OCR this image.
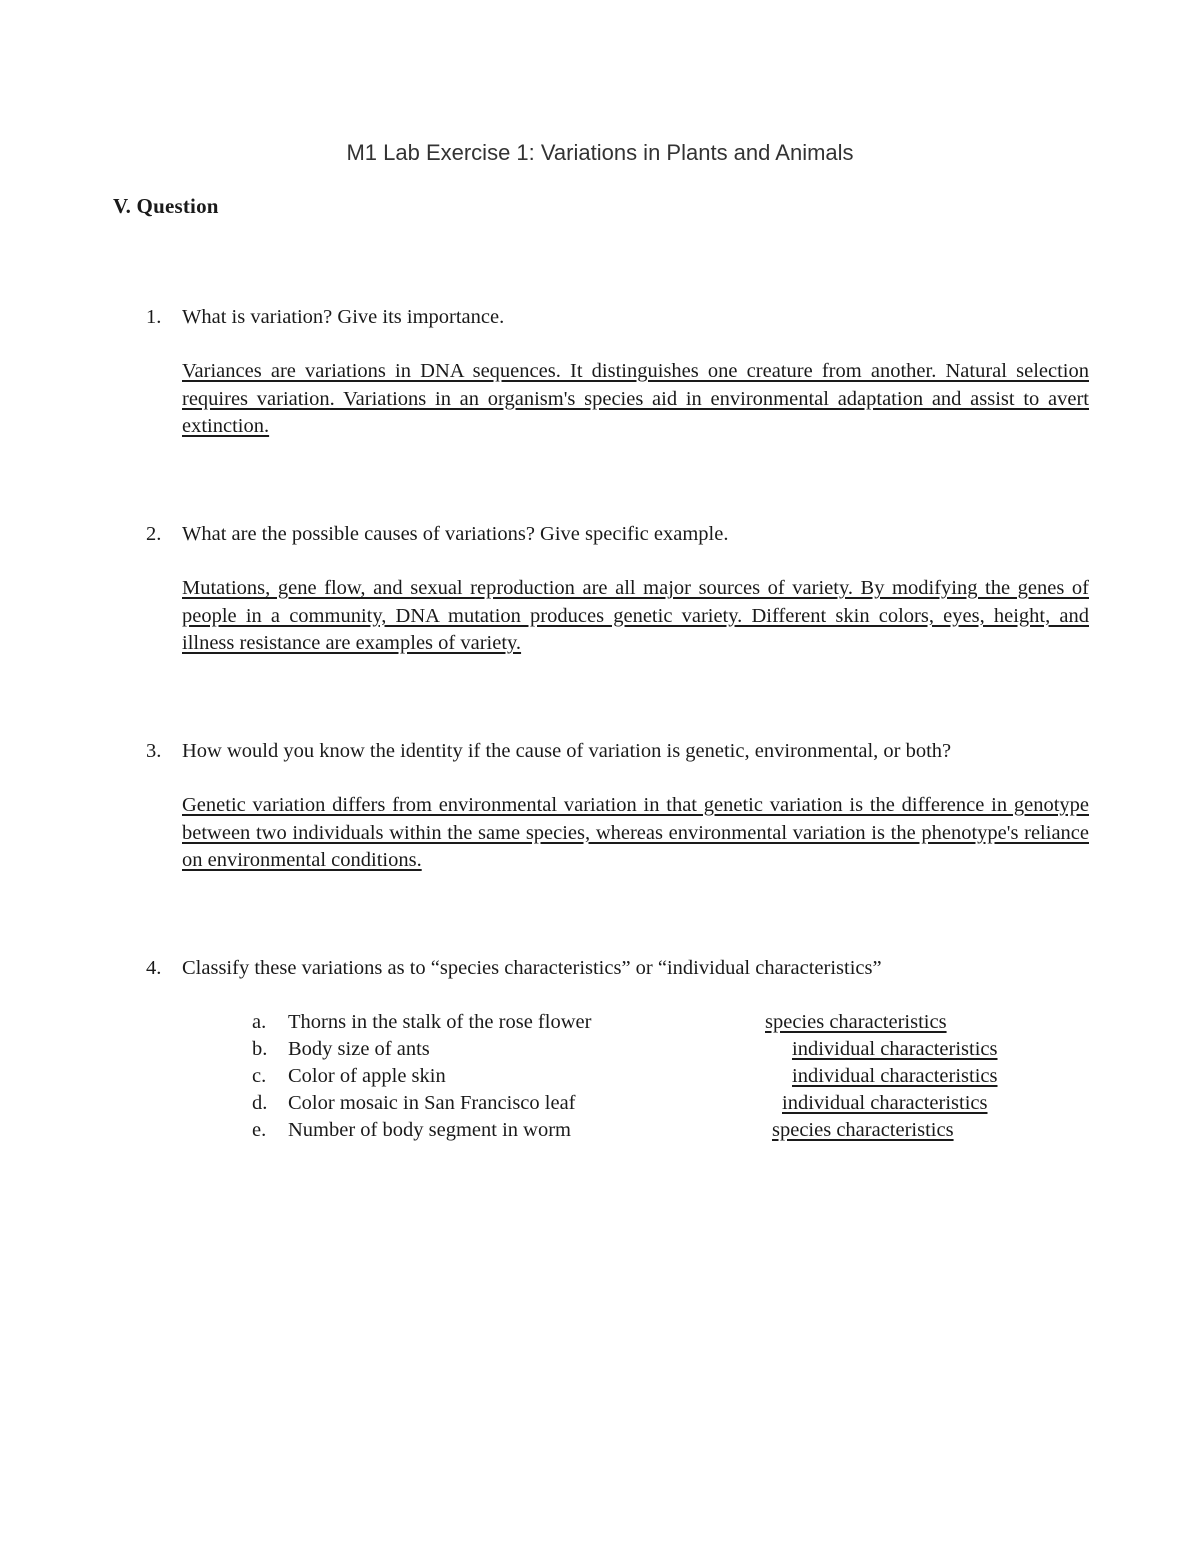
M1 Lab Exercise 1: Variations in Plants and Animals
V. Question
1.	What is variation? Give its importance.
Variances are variations in DNA sequences. It distinguishes one creature from another. Natural selection requires variation. Variations in an organism's species aid in environmental adaptation and assist to avert extinction.
2.	What are the possible causes of variations? Give specific example.
Mutations, gene flow, and sexual reproduction are all major sources of variety. By modifying the genes of people in a community, DNA mutation produces genetic variety. Different skin colors, eyes, height, and illness resistance are examples of variety.
3.	How would you know the identity if the cause of variation is genetic, environmental, or both?
Genetic variation differs from environmental variation in that genetic variation is the difference in genotype between two individuals within the same species, whereas environmental variation is the phenotype's reliance on environmental conditions.
4.	Classify these variations as to “species characteristics” or “individual characteristics”
a. Thorns in the stalk of the rose flower	species characteristics
b. Body size of ants	individual characteristics
c. Color of apple skin	individual characteristics
d. Color mosaic in San Francisco leaf	individual characteristics
e. Number of body segment in worm	species characteristics
